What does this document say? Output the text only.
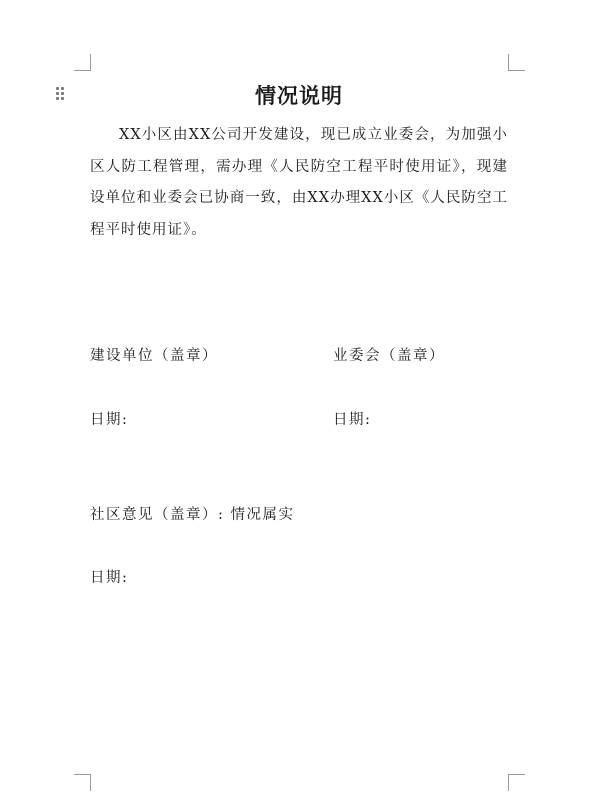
情况说明
XX小区由XX公司开发建设，现已成立业委会，为加强小区人防工程管理，需办理《人民防空工程平时使用证》，现建设单位和业委会已协商一致，由XX办理XX小区《人民防空工程平时使用证》。
建设单位（盖章）	业委会（盖章）
日期:	日期:
社区意见（盖章）: 情况属实
日期:
